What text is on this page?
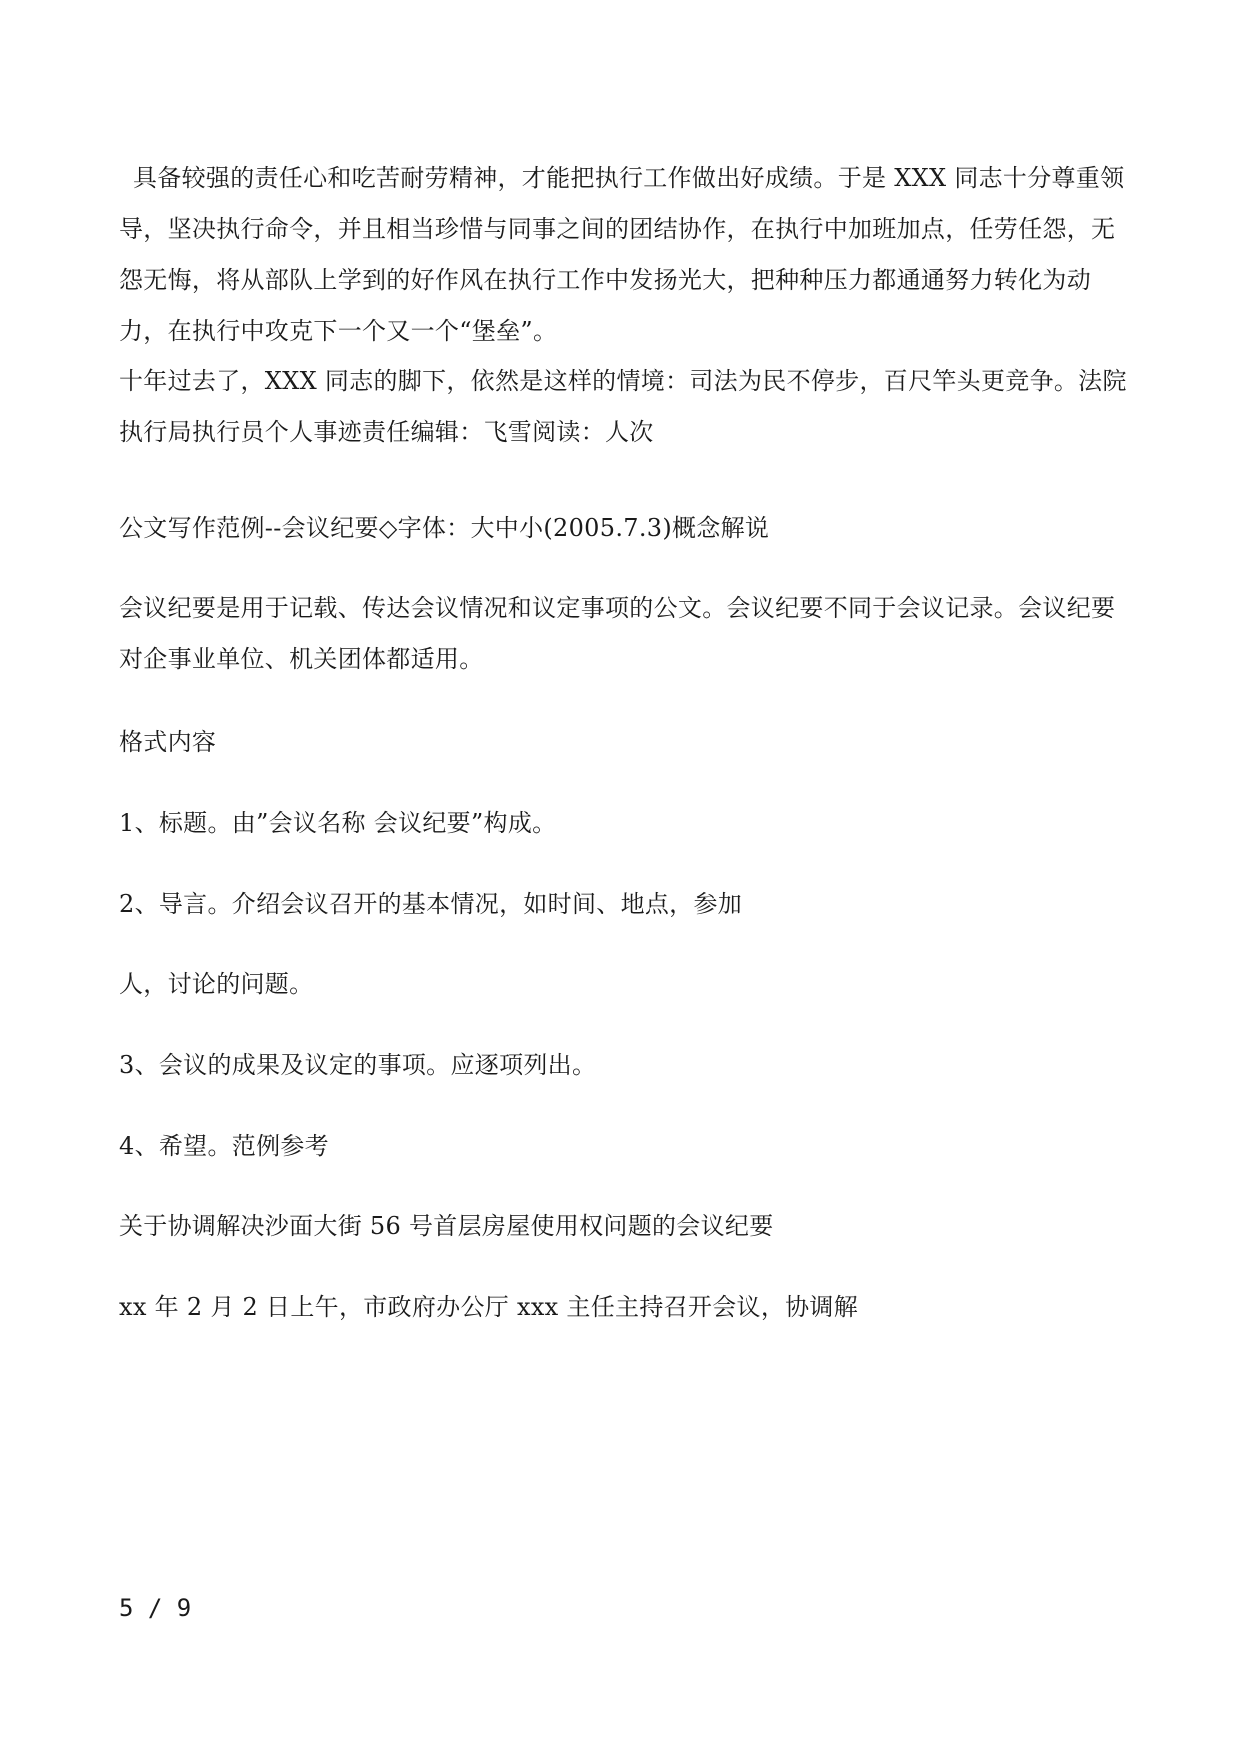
具备较强的责任心和吃苦耐劳精神，才能把执行工作做出好成绩。于是 XXX 同志十分尊重领导，坚决执行命令，并且相当珍惜与同事之间的团结协作，在执行中加班加点，任劳任怨，无怨无悔，将从部队上学到的好作风在执行工作中发扬光大，把种种压力都通通努力转化为动力，在执行中攻克下一个又一个“堡垒”。

十年过去了，XXX 同志的脚下，依然是这样的情境：司法为民不停步，百尺竿头更竞争。法院执行局执行员个人事迹责任编辑：飞雪阅读：人次

公文写作范例--会议纪要◇字体：大中小(2005.7.3)概念解说

会议纪要是用于记载、传达会议情况和议定事项的公文。会议纪要不同于会议记录。会议纪要对企事业单位、机关团体都适用。

格式内容

1、标题。由”会议名称 会议纪要”构成。

2、导言。介绍会议召开的基本情况，如时间、地点，参加

人，讨论的问题。

3、会议的成果及议定的事项。应逐项列出。

4、希望。范例参考

关于协调解决沙面大街 56 号首层房屋使用权问题的会议纪要

xx 年 2 月 2 日上午，市政府办公厅 xxx 主任主持召开会议，协调解

5 / 9
